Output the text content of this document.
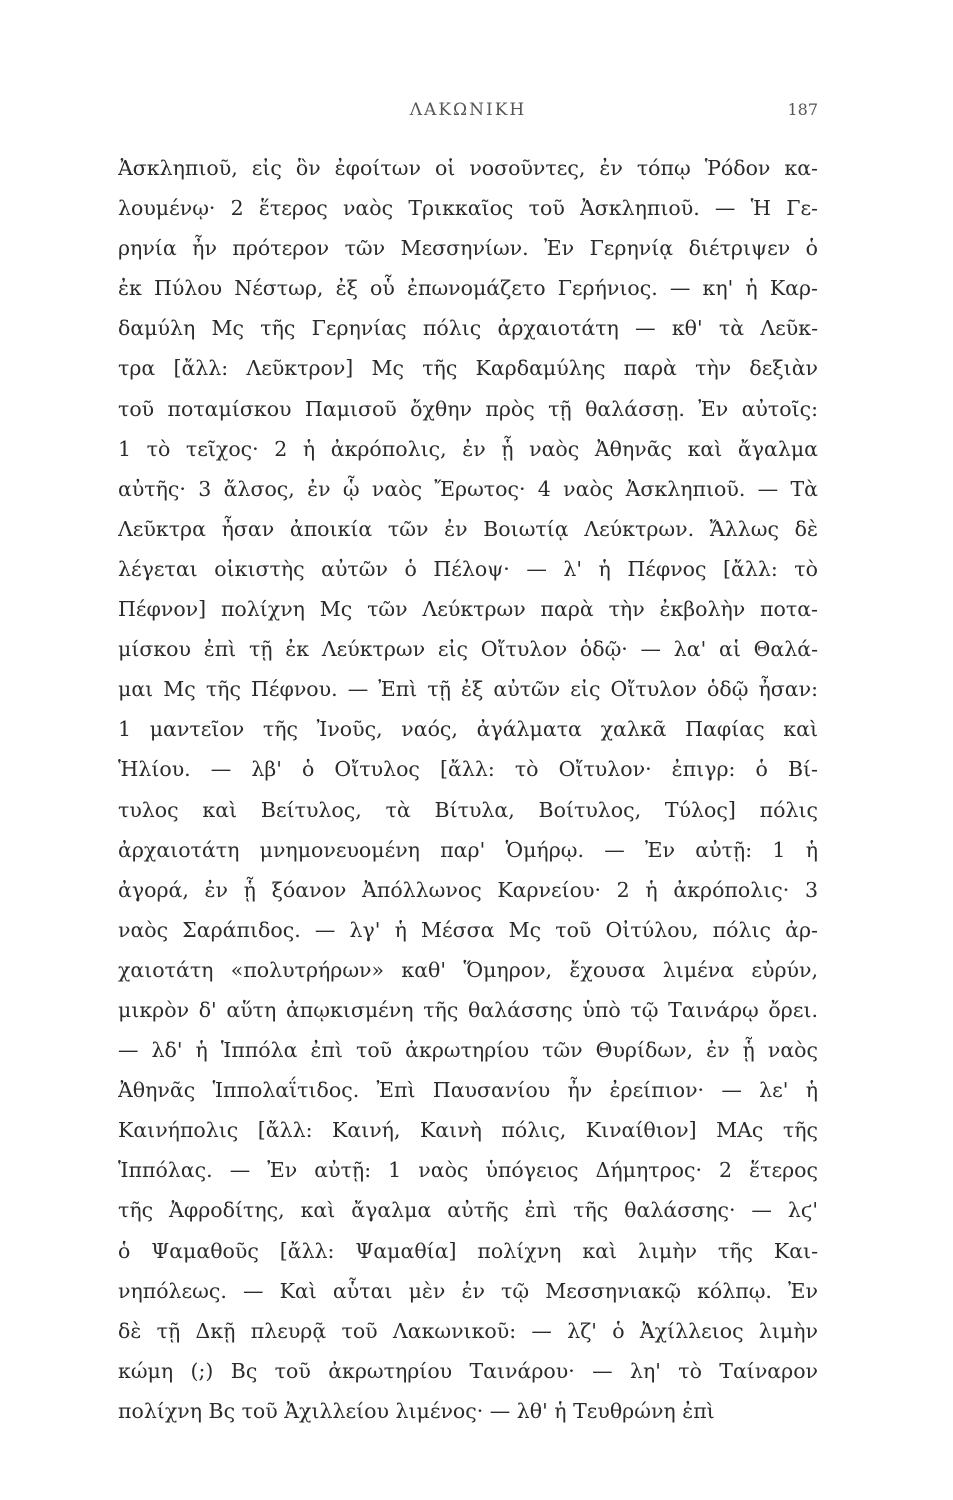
ΛΑΚΩΝΙΚΗ	187
Ἀσκληπιοῦ, εἰς ὃν ἐφοίτων οἱ νοσοῦντες, ἐν τόπῳ Ῥόδον κα-
λουμένῳ· 2 ἕτερος ναὸς Τρικκαῖος τοῦ Ἀσκληπιοῦ. — Ἡ Γε-
ρηνία ἦν πρότερον τῶν Μεσσηνίων. Ἐν Γερηνίᾳ διέτριψεν ὁ
ἐκ Πύλου Νέστωρ, ἐξ οὗ ἐπωνομάζετο Γερήνιος. — κη' ἡ Καρ-
δαμύλη Μς τῆς Γερηνίας πόλις ἀρχαιοτάτη — κθ' τὰ Λεῦκ-
τρα [ἄλλ: Λεῦκτρον] Μς τῆς Καρδαμύλης παρὰ τὴν δεξιὰν
τοῦ ποταμίσκου Παμισοῦ ὄχθην πρὸς τῇ θαλάσσῃ. Ἐν αὐτοῖς:
1 τὸ τεῖχος· 2 ἡ ἀκρόπολις, ἐν ᾗ ναὸς Ἀθηνᾶς καὶ ἄγαλμα
αὐτῆς· 3 ἄλσος, ἐν ᾧ ναὸς Ἔρωτος· 4 ναὸς Ἀσκληπιοῦ. — Τὰ
Λεῦκτρα ἦσαν ἀποικία τῶν ἐν Βοιωτίᾳ Λεύκτρων. Ἄλλως δὲ
λέγεται οἰκιστὴς αὐτῶν ὁ Πέλοψ· — λ' ἡ Πέφνος [ἄλλ: τὸ
Πέφνον] πολίχνη Μς τῶν Λεύκτρων παρὰ τὴν ἐκβολὴν ποτα-
μίσκου ἐπὶ τῇ ἐκ Λεύκτρων εἰς Οἴτυλον ὁδῷ· — λα' αἱ Θαλά-
μαι Μς τῆς Πέφνου. — Ἐπὶ τῇ ἐξ αὐτῶν εἰς Οἴτυλον ὁδῷ ἦσαν:
1 μαντεῖον τῆς Ἰνοῦς, ναός, ἀγάλματα χαλκᾶ Παφίας καὶ
Ἡλίου. — λβ' ὁ Οἴτυλος [ἄλλ: τὸ Οἴτυλον· ἐπιγρ: ὁ Βί-
τυλος καὶ Βείτυλος, τὰ Βίτυλα, Βοίτυλος, Τύλος] πόλις
ἀρχαιοτάτη μνημονευομένη παρ' Ὁμήρῳ. — Ἐν αὐτῇ: 1 ἡ
ἀγορά, ἐν ᾗ ξόανον Ἀπόλλωνος Καρνείου· 2 ἡ ἀκρόπολις· 3
ναὸς Σαράπιδος. — λγ' ἡ Μέσσα Μς τοῦ Οἰτύλου, πόλις ἀρ-
χαιοτάτη «πολυτρήρων» καθ' Ὅμηρον, ἔχουσα λιμένα εὐρύν,
μικρὸν δ' αὕτη ἀπῳκισμένη τῆς θαλάσσης ὑπὸ τῷ Ταινάρῳ ὄρει.
— λδ' ἡ Ἱππόλα ἐπὶ τοῦ ἀκρωτηρίου τῶν Θυρίδων, ἐν ᾗ ναὸς
Ἀθηνᾶς Ἱππολαΐτιδος. Ἐπὶ Παυσανίου ἦν ἐρείπιον· — λε' ἡ
Καινήπολις [ἄλλ: Καινή, Καινὴ πόλις, Κιναίθιον] ΜΑς τῆς
Ἱππόλας. — Ἐν αὐτῇ: 1 ναὸς ὑπόγειος Δήμητρος· 2 ἕτερος
τῆς Ἀφροδίτης, καὶ ἄγαλμα αὐτῆς ἐπὶ τῆς θαλάσσης· — λϛ'
ὁ Ψαμαθοῦς [ἄλλ: Ψαμαθία] πολίχνη καὶ λιμὴν τῆς Και-
νηπόλεως. — Καὶ αὗται μὲν ἐν τῷ Μεσσηνιακῷ κόλπῳ. Ἐν
δὲ τῇ Δκῇ πλευρᾷ τοῦ Λακωνικοῦ: — λζ' ὁ Ἀχίλλειος λιμὴν
κώμη (;) Βς τοῦ ἀκρωτηρίου Ταινάρου· — λη' τὸ Ταίναρον
πολίχνη Βς τοῦ Ἀχιλλείου λιμένος· — λθ' ἡ Τευθρώνη ἐπὶ
